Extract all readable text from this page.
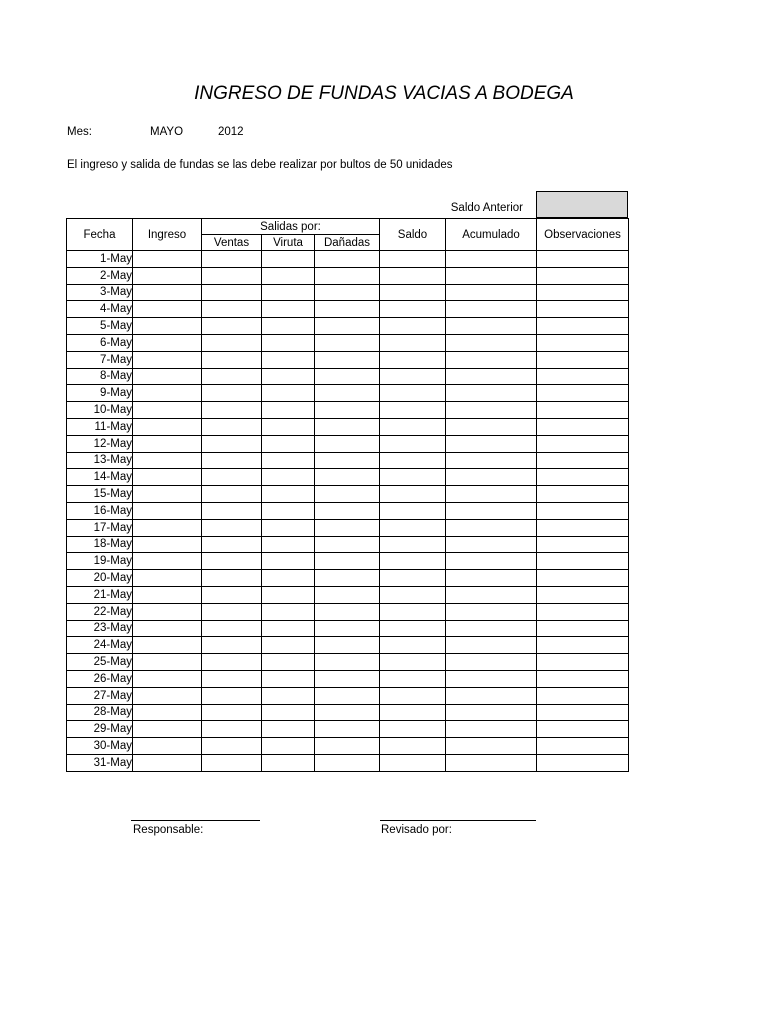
INGRESO DE FUNDAS VACIAS A BODEGA
Mes:	MAYO	2012
El ingreso y salida de fundas se las debe realizar por bultos de 50 unidades
Saldo Anterior
Fecha	Ingreso	Salidas por:			Saldo	Acumulado	Observaciones
		Ventas	Viruta	Dañadas			
1-May							
2-May							
3-May							
4-May							
5-May							
6-May							
7-May							
8-May							
9-May							
10-May							
11-May							
12-May							
13-May							
14-May							
15-May							
16-May							
17-May							
18-May							
19-May							
20-May							
21-May							
22-May							
23-May							
24-May							
25-May							
26-May							
27-May							
28-May							
29-May							
30-May							
31-May							
Responsable:	Revisado por:
